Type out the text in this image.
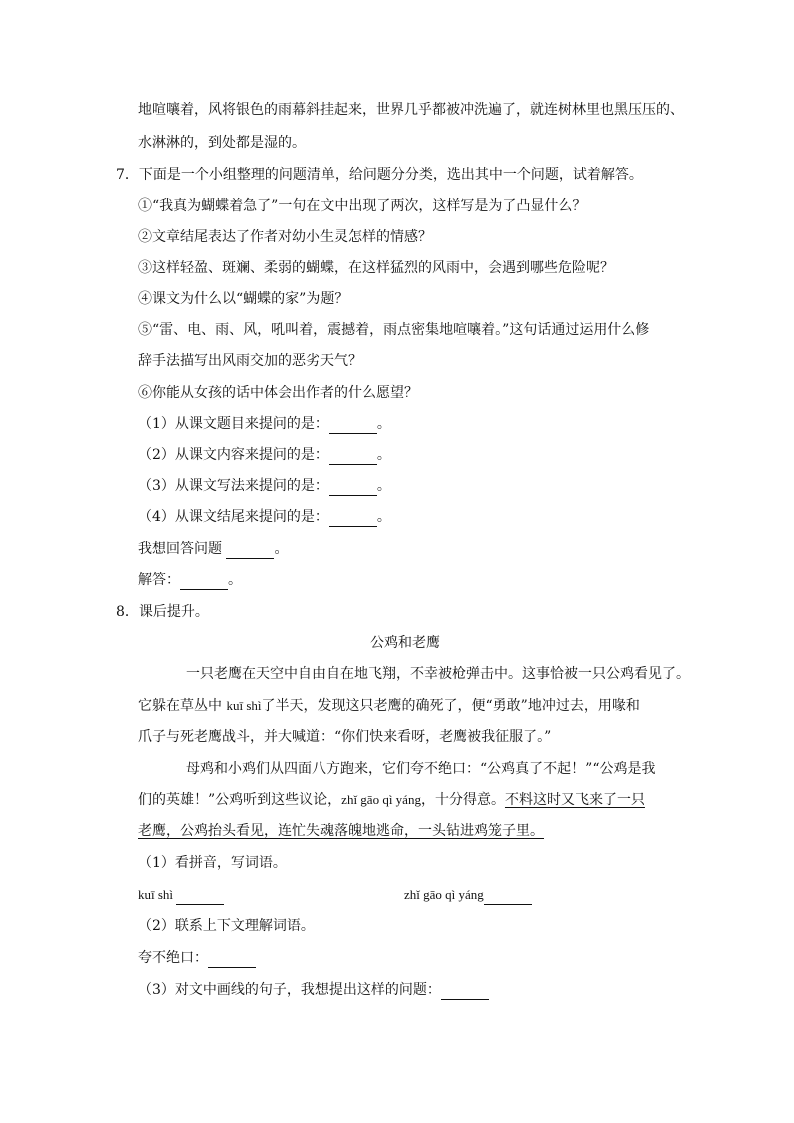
地喧嚷着，风将银色的雨幕斜挂起来，世界几乎都被冲洗遍了，就连树林里也黑压压的、
水淋淋的，到处都是湿的。
7．下面是一个小组整理的问题清单，给问题分分类，选出其中一个问题，试着解答。
①“我真为蝴蝶着急了”一句在文中出现了两次，这样写是为了凸显什么？
②文章结尾表达了作者对幼小生灵怎样的情感？
③这样轻盈、斑斓、柔弱的蝴蝶，在这样猛烈的风雨中，会遇到哪些危险呢？
④课文为什么以“蝴蝶的家”为题？
⑤“雷、电、雨、风，吼叫着，震撼着，雨点密集地喧嚷着。”这句话通过运用什么修
辞手法描写出风雨交加的恶劣天气？
⑥你能从女孩的话中体会出作者的什么愿望？
（1）从课文题目来提问的是：	。
（2）从课文内容来提问的是：	。
（3）从课文写法来提问的是：	。
（4）从课文结尾来提问的是：	。
我想回答问题	。
解答：	。
8．课后提升。
公鸡和老鹰
一只老鹰在天空中自由自在地飞翔，不幸被枪弹击中。这事恰被一只公鸡看见了。
它躲在草丛中 kuī shì了半天，发现这只老鹰的确死了，便“勇敢”地冲过去，用喙和
爪子与死老鹰战斗，并大喊道：“你们快来看呀，老鹰被我征服了。”
母鸡和小鸡们从四面八方跑来，它们夸不绝口：“公鸡真了不起！”“公鸡是我
们的英雄！”公鸡听到这些议论，zhǐ gāo qì yáng，十分得意。不料这时又飞来了一只
老鹰，公鸡抬头看见，连忙失魂落魄地逃命，一头钻进鸡笼子里。
（1）看拼音，写词语。
kuī shì	zhǐ gāo qì yáng
（2）联系上下文理解词语。
夸不绝口：
（3）对文中画线的句子，我想提出这样的问题：
